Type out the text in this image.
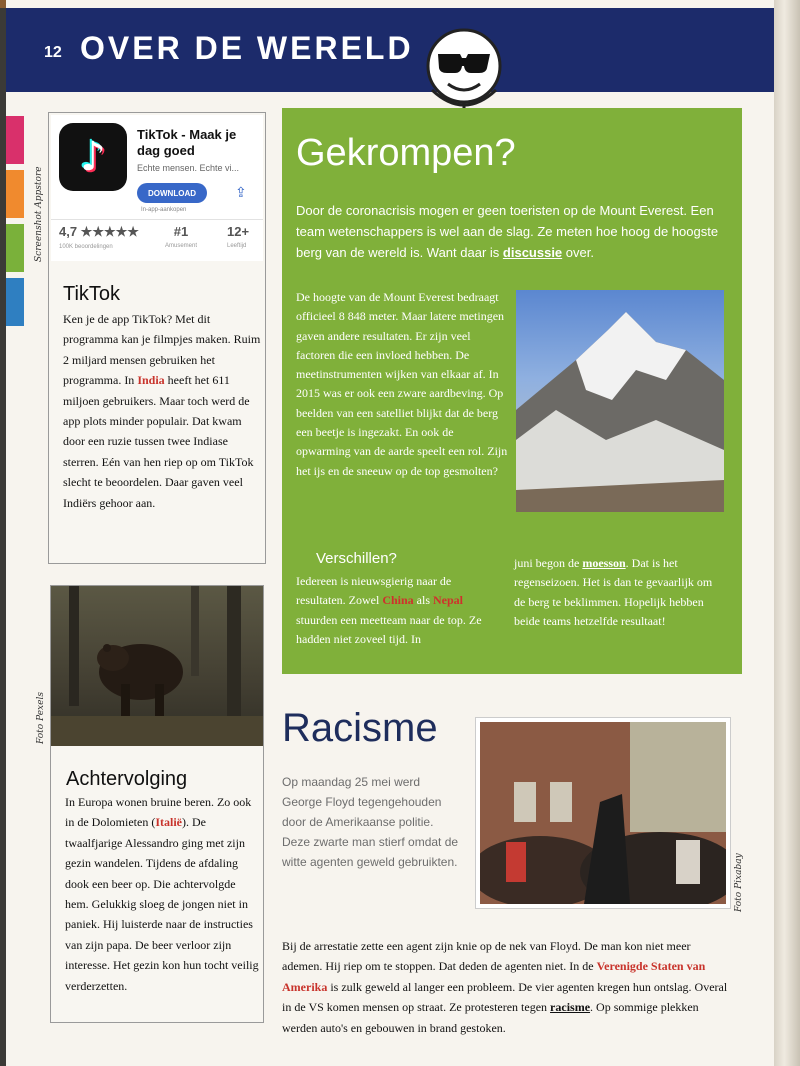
12 OVER DE WERELD
Screenshot Appstore
Foto Pexels
Foto Pixabay
♪	TikTok - Maak je dag goed
Echte mensen. Echte vi...
DOWNLOAD
In-app-aankopen
⇪
4,7 ★★★★★
100K beoordelingen
#1
Amusement
12+
Leeftijd
TikTok
Ken je de app TikTok? Met dit programma kan je filmpjes maken. Ruim 2 miljard mensen gebruiken het programma. In India heeft het 611 miljoen gebruikers. Maar toch werd de app plots minder populair. Dat kwam door een ruzie tussen twee Indiase sterren. Eén van hen riep op om TikTok slecht te beoordelen. Daar gaven veel Indiërs gehoor aan.
Achtervolging
In Europa wonen bruine beren. Zo ook in de Dolomieten (Italië). De twaalfjarige Alessandro ging met zijn gezin wandelen. Tijdens de afdaling dook een beer op. Die achtervolgde hem. Gelukkig sloeg de jongen niet in paniek. Hij luisterde naar de instructies van zijn papa. De beer verloor zijn interesse. Het gezin kon hun tocht veilig verderzetten.
Gekrompen?
Door de coronacrisis mogen er geen toeristen op de Mount Everest. Een team wetenschappers is wel aan de slag. Ze meten hoe hoog de hoogste berg van de wereld is. Want daar is discussie over.
De hoogte van de Mount Everest bedraagt officieel 8 848 meter. Maar latere metingen gaven andere resultaten. Er zijn veel factoren die een invloed hebben. De meetinstrumenten wijken van elkaar af. In 2015 was er ook een zware aardbeving. Op beelden van een satelliet blijkt dat de berg een beetje is ingezakt. En ook de opwarming van de aarde speelt een rol. Zijn het ijs en de sneeuw op de top gesmolten?
Verschillen?
Iedereen is nieuwsgierig naar de resultaten. Zowel China als Nepal stuurden een meetteam naar de top. Ze hadden niet zoveel tijd. In
juni begon de moesson. Dat is het regenseizoen. Het is dan te gevaarlijk om de berg te beklimmen. Hopelijk hebben beide teams hetzelfde resultaat!
Racisme
Op maandag 25 mei werd George Floyd tegengehouden door de Amerikaanse politie. Deze zwarte man stierf omdat de witte agenten geweld gebruikten.
Bij de arrestatie zette een agent zijn knie op de nek van Floyd. De man kon niet meer ademen. Hij riep om te stoppen. Dat deden de agenten niet. In de Verenigde Staten van Amerika is zulk geweld al langer een probleem. De vier agenten kregen hun ontslag. Overal in de VS komen mensen op straat. Ze protesteren tegen racisme. Op sommige plekken werden auto's en gebouwen in brand gestoken.
